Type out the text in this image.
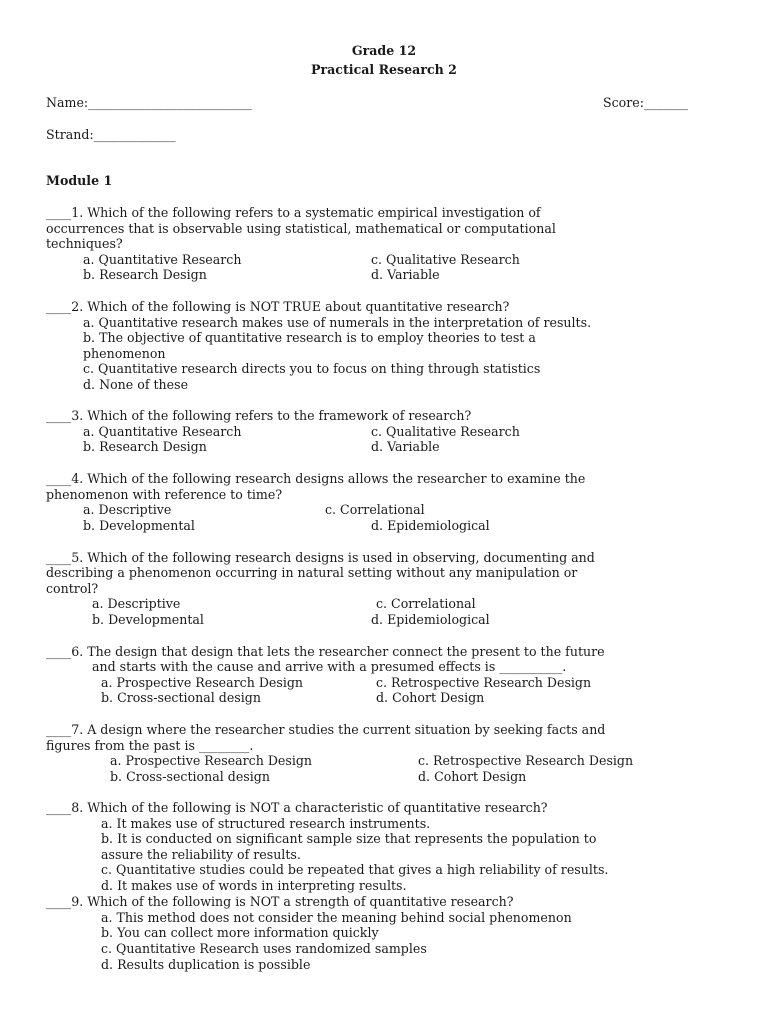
Grade 12
Practical Research 2
Name:__________________________	Score:_______
Strand:_____________
Module 1
____1. Which of the following refers to a systematic empirical investigation of
occurrences that is observable using statistical, mathematical or computational
techniques?
a. Quantitative Research
b. Research Design
c. Qualitative Research
d. Variable
____2. Which of the following is NOT TRUE about quantitative research?
a. Quantitative research makes use of numerals in the interpretation of results.
b. The objective of quantitative research is to employ theories to test a
phenomenon
c. Quantitative research directs you to focus on thing through statistics
d. None of these
____3. Which of the following refers to the framework of research?
a. Quantitative Research
b. Research Design
c. Qualitative Research
d. Variable
____4. Which of the following research designs allows the researcher to examine the
phenomenon with reference to time?
a. Descriptive
b. Developmental
c. Correlational
d. Epidemiological
____5. Which of the following research designs is used in observing, documenting and
describing a phenomenon occurring in natural setting without any manipulation or
control?
a. Descriptive
b. Developmental
c. Correlational
d. Epidemiological
____6. The design that design that lets the researcher connect the present to the future
and starts with the cause and arrive with a presumed effects is __________.
a. Prospective Research Design
b. Cross-sectional design
c. Retrospective Research Design
d. Cohort Design
____7. A design where the researcher studies the current situation by seeking facts and
figures from the past is ________.
a. Prospective Research Design
b. Cross-sectional design
c. Retrospective Research Design
d. Cohort Design
____8. Which of the following is NOT a characteristic of quantitative research?
a. It makes use of structured research instruments.
b. It is conducted on significant sample size that represents the population to
assure the reliability of results.
c. Quantitative studies could be repeated that gives a high reliability of results.
d. It makes use of words in interpreting results.
____9. Which of the following is NOT a strength of quantitative research?
a. This method does not consider the meaning behind social phenomenon
b. You can collect more information quickly
c. Quantitative Research uses randomized samples
d. Results duplication is possible
